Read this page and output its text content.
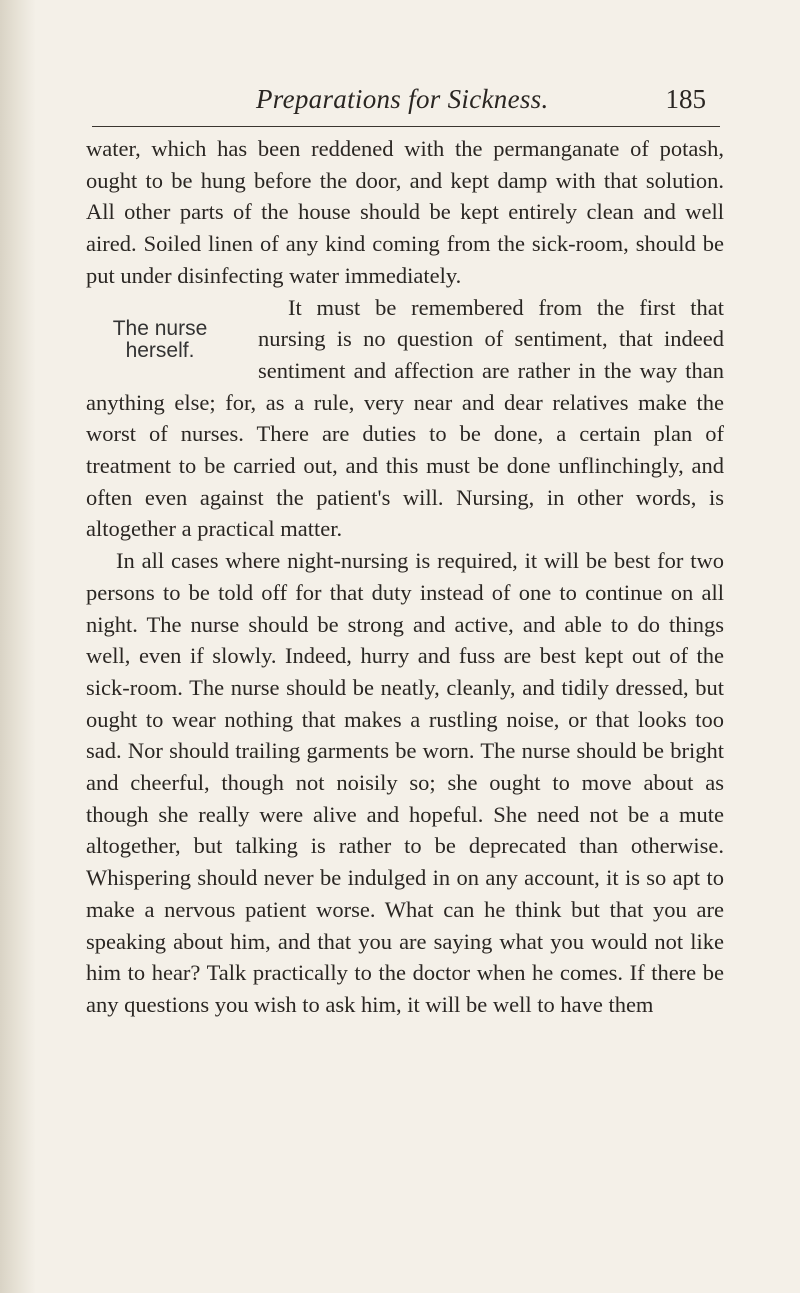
Preparations for Sickness.	185

water, which has been reddened with the permanganate of potash, ought to be hung before the door, and kept damp with that solution. All other parts of the house should be kept entirely clean and well aired. Soiled linen of any kind coming from the sick-room, should be put under disinfecting water immediately.

The nurse herself.
It must be remembered from the first that nursing is no question of sentiment, that indeed sentiment and affection are rather in the way than anything else; for, as a rule, very near and dear relatives make the worst of nurses. There are duties to be done, a certain plan of treatment to be carried out, and this must be done unflinchingly, and often even against the patient's will. Nursing, in other words, is altogether a practical matter.

In all cases where night-nursing is required, it will be best for two persons to be told off for that duty instead of one to continue on all night. The nurse should be strong and active, and able to do things well, even if slowly. Indeed, hurry and fuss are best kept out of the sick-room. The nurse should be neatly, cleanly, and tidily dressed, but ought to wear nothing that makes a rustling noise, or that looks too sad. Nor should trailing garments be worn. The nurse should be bright and cheerful, though not noisily so; she ought to move about as though she really were alive and hopeful. She need not be a mute altogether, but talking is rather to be deprecated than otherwise. Whispering should never be indulged in on any account, it is so apt to make a nervous patient worse. What can he think but that you are speaking about him, and that you are saying what you would not like him to hear? Talk practically to the doctor when he comes. If there be any questions you wish to ask him, it will be well to have them
